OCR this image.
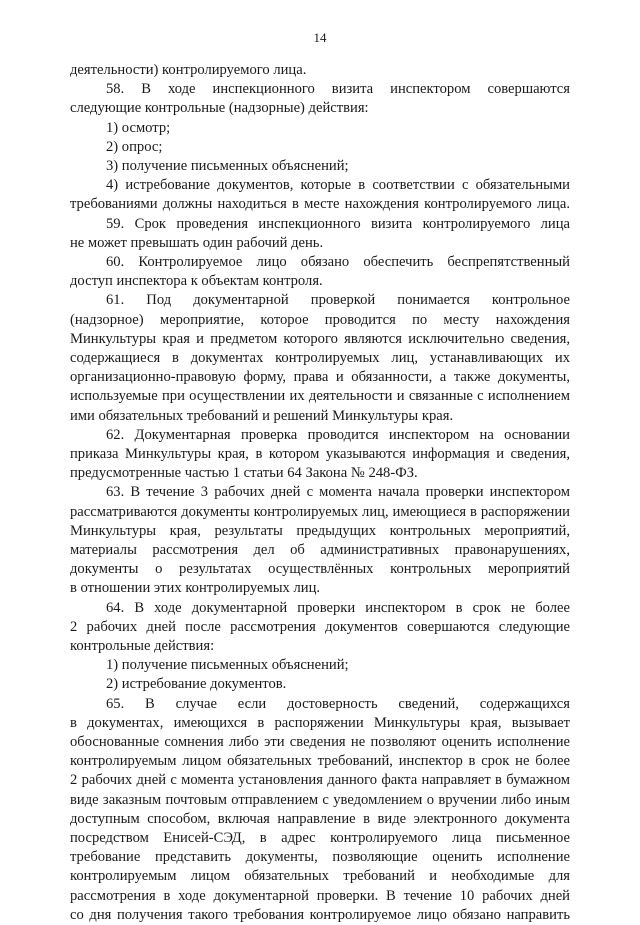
14
деятельности) контролируемого лица.
58. В ходе инспекционного визита инспектором совершаются
следующие контрольные (надзорные) действия:
1) осмотр;
2) опрос;
3) получение письменных объяснений;
4) истребование документов, которые в соответствии с обязательными
требованиями должны находиться в месте нахождения контролируемого лица.
59. Срок проведения инспекционного визита контролируемого лица
не может превышать один рабочий день.
60. Контролируемое лицо обязано обеспечить беспрепятственный
доступ инспектора к объектам контроля.
61. Под документарной проверкой понимается контрольное
(надзорное) мероприятие, которое проводится по месту нахождения
Минкультуры края и предметом которого являются исключительно сведения,
содержащиеся в документах контролируемых лиц, устанавливающих их
организационно-правовую форму, права и обязанности, а также документы,
используемые при осуществлении их деятельности и связанные с исполнением
ими обязательных требований и решений Минкультуры края.
62. Документарная проверка проводится инспектором на основании
приказа Минкультуры края, в котором указываются информация и сведения,
предусмотренные частью 1 статьи 64 Закона № 248-ФЗ.
63. В течение 3 рабочих дней с момента начала проверки инспектором
рассматриваются документы контролируемых лиц, имеющиеся в распоряжении
Минкультуры края, результаты предыдущих контрольных мероприятий,
материалы рассмотрения дел об административных правонарушениях,
документы о результатах осуществлённых контрольных мероприятий
в отношении этих контролируемых лиц.
64. В ходе документарной проверки инспектором в срок не более
2 рабочих дней после рассмотрения документов совершаются следующие
контрольные действия:
1) получение письменных объяснений;
2) истребование документов.
65. В случае если достоверность сведений, содержащихся
в документах, имеющихся в распоряжении Минкультуры края, вызывает
обоснованные сомнения либо эти сведения не позволяют оценить исполнение
контролируемым лицом обязательных требований, инспектор в срок не более
2 рабочих дней с момента установления данного факта направляет в бумажном
виде заказным почтовым отправлением с уведомлением о вручении либо иным
доступным способом, включая направление в виде электронного документа
посредством Енисей-СЭД, в адрес контролируемого лица письменное
требование представить документы, позволяющие оценить исполнение
контролируемым лицом обязательных требований и необходимые для
рассмотрения в ходе документарной проверки. В течение 10 рабочих дней
со дня получения такого требования контролируемое лицо обязано направить
